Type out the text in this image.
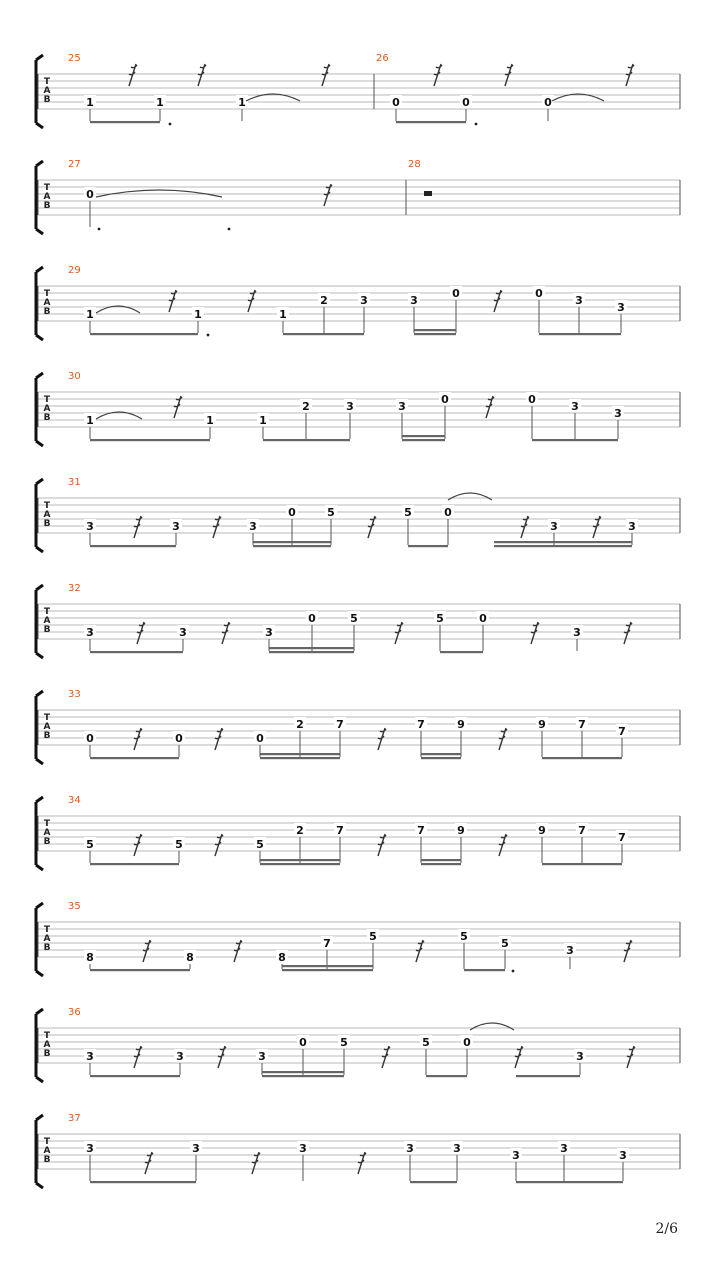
T
A
B
25	26
1	1	1	0	0	0
T
A
B
27	28
0
T
A
B
29
1	1	1
2	3	3
0	0
3
3
T
A
B
30
1	1	1
2	3	3
0	0
3
3
T
A
B
31
3	3	3
0	5	5	0
3	3
T
A
B
32
3	3	3
0	5	5	0
3
T
A
B
33
0	0	0
2	7	7	9	9	7
7
T
A
B
34
5	5	5
2	7	7	9	9	7
7
T
A
B
35
8	8	8
7
5	5
5
3
T
A
B
36
3	3	3
0	5	5	0
3
T
A
B
37
3	3	3	3	3
3
3
3
2/6
